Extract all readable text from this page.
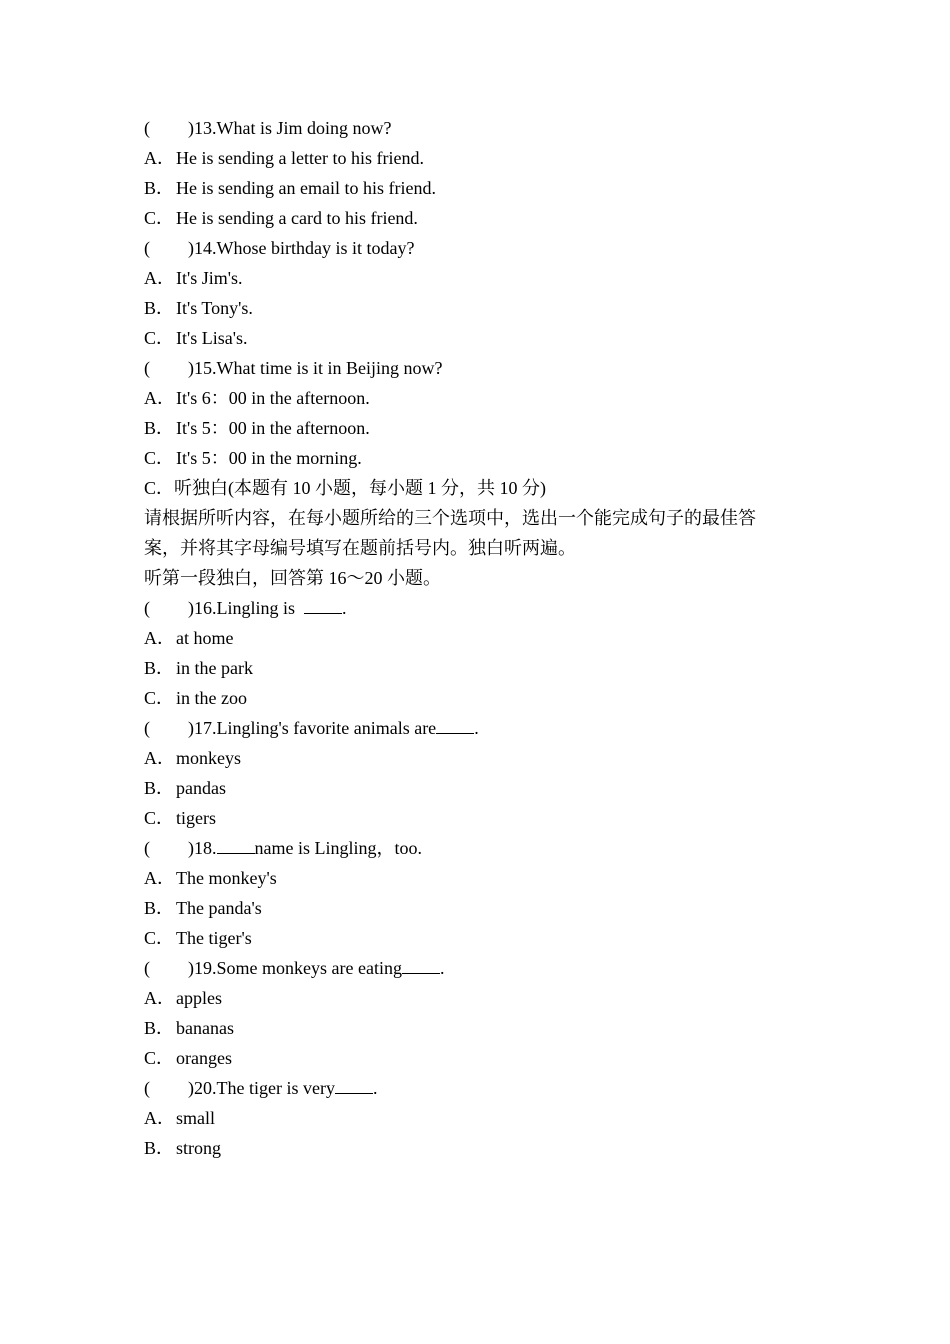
( )13.What is Jim doing now?
A．He is sending a letter to his friend.
B． He is sending an email to his friend.
C． He is sending a card to his friend.
( )14.Whose birthday is it today?
A．It's Jim's.
B． It's Tony's.
C． It's Lisa's.
( )15.What time is it in Beijing now?
A．It's 6：00 in the afternoon.
B． It's 5：00 in the afternoon.
C． It's 5：00 in the morning.
C．听独白(本题有 10 小题，每小题 1 分，共 10 分)
请根据所听内容，在每小题所给的三个选项中，选出一个能完成句子的最佳答
案，并将其字母编号填写在题前括号内。独白听两遍。
听第一段独白，回答第 16～20 小题。
( )16.Lingling is  .
A．at home
B． in the park
C． in the zoo
( )17.Lingling's favorite animals are .
A．monkeys
B． pandas
C． tigers
( )18. name is Lingling，too.
A．The monkey's
B． The panda's
C． The tiger's
( )19.Some monkeys are eating .
A．apples
B． bananas
C． oranges
( )20.The tiger is very .
A．small
B． strong
